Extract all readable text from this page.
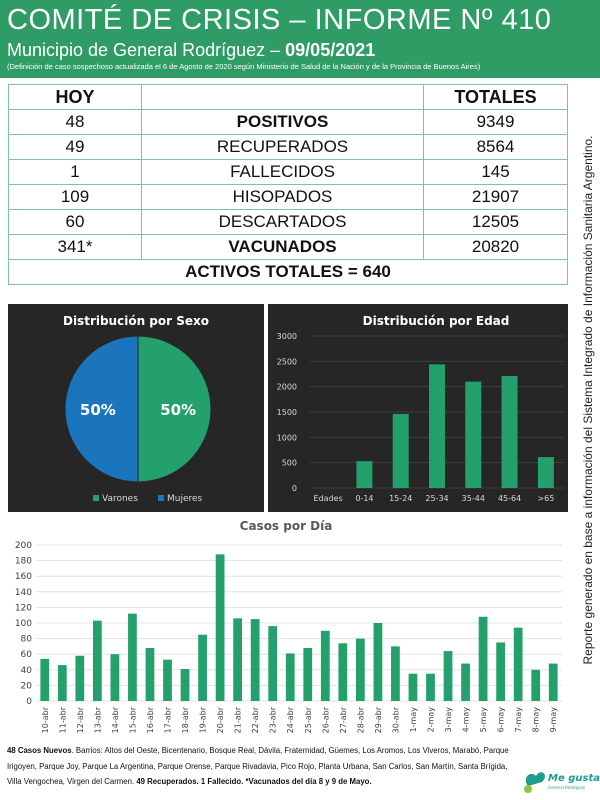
COMITÉ DE CRISIS – INFORME Nº 410
Municipio de General Rodríguez – 09/05/2021
(Definición de caso sospechoso actualizada el 6 de Agosto de 2020 según Ministerio de Salud de la Nación y de la Provincia de Buenos Aires)
HOY		TOTALES
48	POSITIVOS	9349
49	RECUPERADOS	8564
1	FALLECIDOS	145
109	HISOPADOS	21907
60	DESCARTADOS	12505
341*	VACUNADOS	20820
ACTIVOS TOTALES = 640		
Distribución por Sexo
50%
50%
Varones	Mujeres
Distribución por Edad
0
500
1000
1500
2000
2500
3000
Edades 0-14 15-24 25-34 35-44 45-64 >65
Casos por Día
0
20
40
60
80
100
120
140
160
180
200
10-abr 11-abr 12-abr 13-abr 14-abr 15-abr 16-abr 17-abr 18-abr 19-abr 20-abr 21-abr 22-abr 23-abr 24-abr 25-abr 26-abr 27-abr 28-abr 29-abr 30-abr 1-may 2-may 3-may 4-may 5-may 6-may 7-may 8-may 9-may
Reporte generado en base a información del Sistema Integrado de Información Sanitaria Argentino.
48 Casos Nuevos. Barrios: Altos del Oeste, Bicentenario, Bosque Real, Dávila, Fraternidad, Güemes, Los Aromos, Los Viveros, Marabó, Parque Irigoyen, Parque Joy, Parque La Argentina, Parque Orense, Parque Rivadavia, Pico Rojo, Planta Urbana, San Carlos, San Martín, Santa Brígida, Villa Vengochea, Virgen del Carmen. 49 Recuperados. 1 Fallecido. *Vacunados del día 8 y 9 de Mayo.	Me gusta
General Rodríguez
